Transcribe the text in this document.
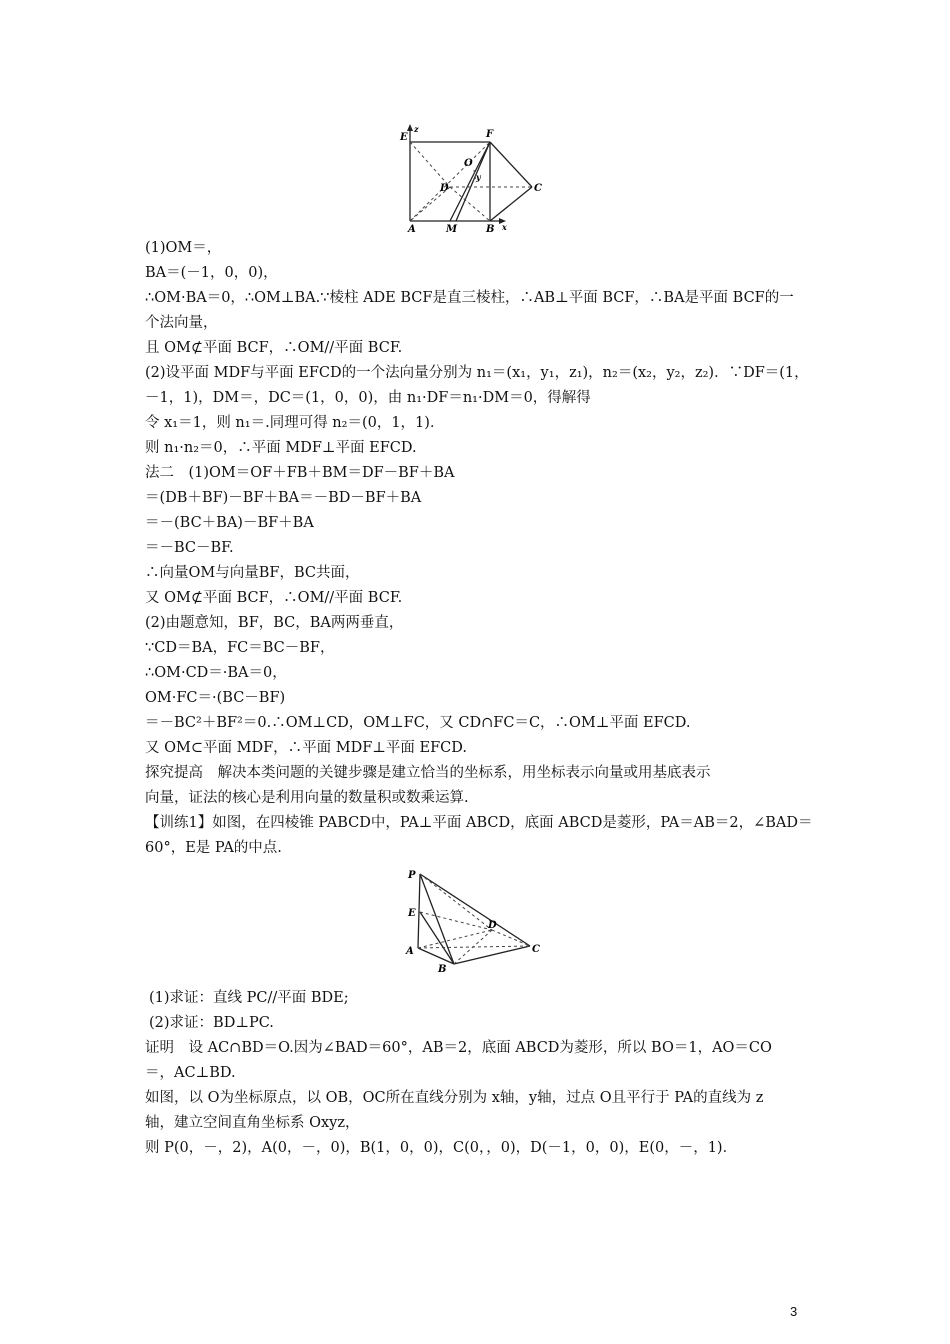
E	F
O
y
D	C
A	M	B x
z
(1)OM＝，
BA＝(－1，0，0)，
∴OM·BA＝0，∴OM⊥BA.∵棱柱 ADE BCF是直三棱柱，∴AB⊥平面 BCF，∴BA是平面 BCF的一
个法向量，
且 OM⊄平面 BCF，∴OM//平面 BCF.
(2)设平面 MDF与平面 EFCD的一个法向量分别为 n₁＝(x₁，y₁，z₁)，n₂＝(x₂，y₂，z₂)．∵DF＝(1，
－1，1)，DM＝，DC＝(1，0，0)，由 n₁·DF＝n₁·DM＝0，得解得
令 x₁＝1，则 n₁＝.同理可得 n₂＝(0，1，1)．
则 n₁·n₂＝0，∴平面 MDF⊥平面 EFCD.
法二　(1)OM＝OF＋FB＋BM＝DF－BF＋BA
＝(DB＋BF)－BF＋BA＝－BD－BF＋BA
＝－(BC＋BA)－BF＋BA
＝－BC－BF.
∴向量OM与向量BF，BC共面，
又 OM⊄平面 BCF，∴OM//平面 BCF.
(2)由题意知，BF，BC，BA两两垂直，
∵CD＝BA，FC＝BC－BF，
∴OM·CD＝·BA＝0，
OM·FC＝·(BC－BF)
＝－BC²＋BF²＝0.∴OM⊥CD，OM⊥FC，又 CD∩FC＝C，∴OM⊥平面 EFCD.
又 OM⊂平面 MDF，∴平面 MDF⊥平面 EFCD.
探究提高　解决本类问题的关键步骤是建立恰当的坐标系，用坐标表示向量或用基底表示
向量，证法的核心是利用向量的数量积或数乘运算.
【训练1】如图，在四棱锥 PABCD中，PA⊥平面 ABCD，底面 ABCD是菱形，PA＝AB＝2，∠BAD＝
60°，E是 PA的中点.
P
E
D
C
A
B
(1)求证：直线 PC//平面 BDE;
(2)求证：BD⊥PC.
证明　设 AC∩BD＝O.因为∠BAD＝60°，AB＝2，底面 ABCD为菱形，所以 BO＝1，AO＝CO
＝，AC⊥BD.
如图，以 O为坐标原点，以 OB，OC所在直线分别为 x轴，y轴，过点 O且平行于 PA的直线为 z
轴，建立空间直角坐标系 Oxyz，
则 P(0，－，2)，A(0，－，0)，B(1，0，0)，C(0，，0)，D(－1，0，0)，E(0，－，1)．
3
